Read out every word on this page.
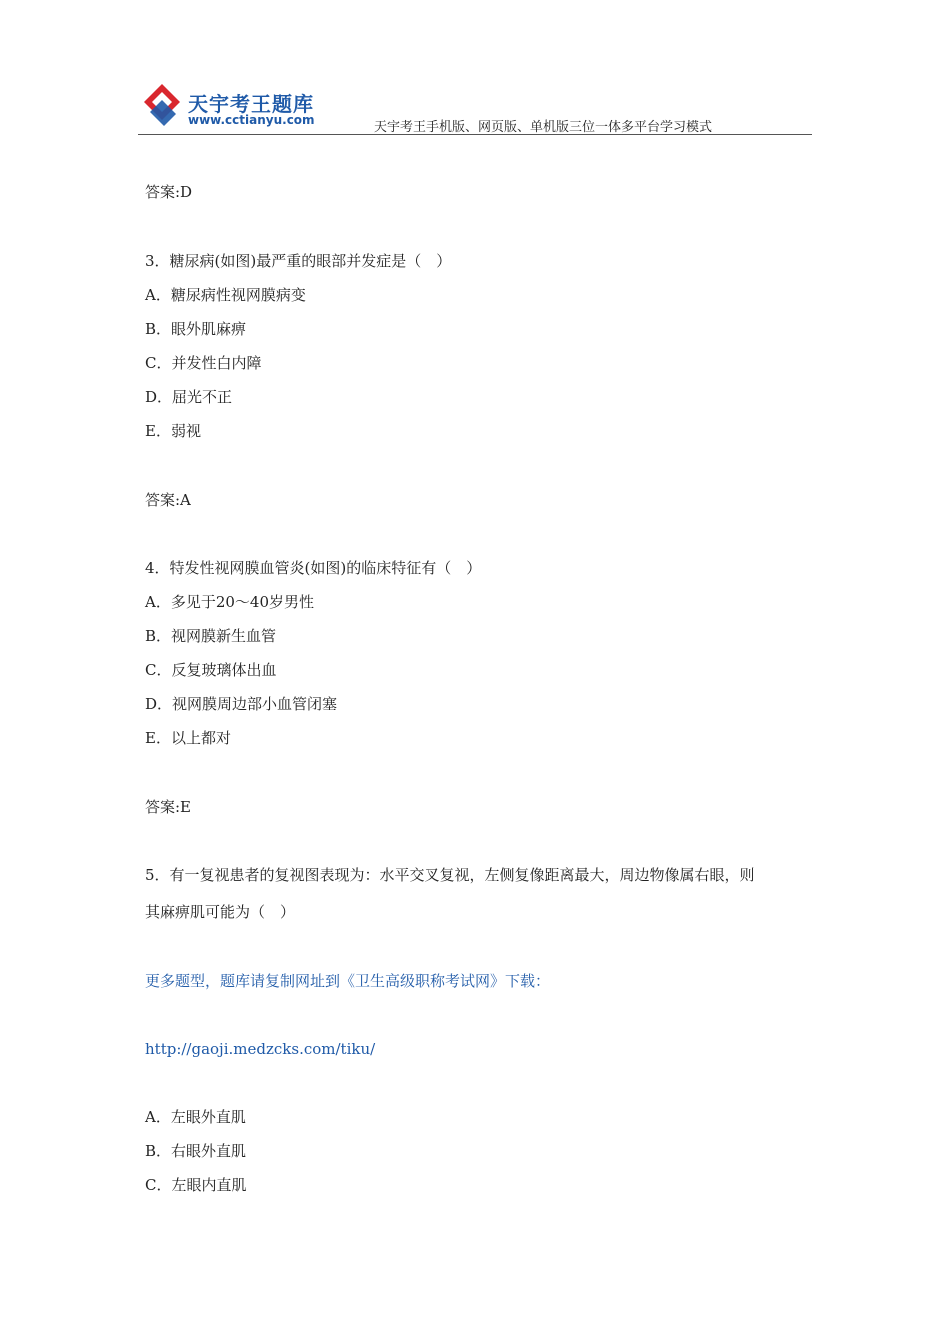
天宇考王题库
www.cctianyu.com	天宇考王手机版、网页版、单机版三位一体多平台学习模式
答案:D
3．糖尿病(如图)最严重的眼部并发症是（　）
A．糖尿病性视网膜病变
B．眼外肌麻痹
C．并发性白内障
D．屈光不正
E．弱视
答案:A
4．特发性视网膜血管炎(如图)的临床特征有（　）
A．多见于20～40岁男性
B．视网膜新生血管
C．反复玻璃体出血
D．视网膜周边部小血管闭塞
E．以上都对
答案:E
5．有一复视患者的复视图表现为：水平交叉复视，左侧复像距离最大，周边物像属右眼，则
其麻痹肌可能为（　）
更多题型，题库请复制网址到《卫生高级职称考试网》下载：
http://gaoji.medzcks.com/tiku/
A．左眼外直肌
B．右眼外直肌
C．左眼内直肌
